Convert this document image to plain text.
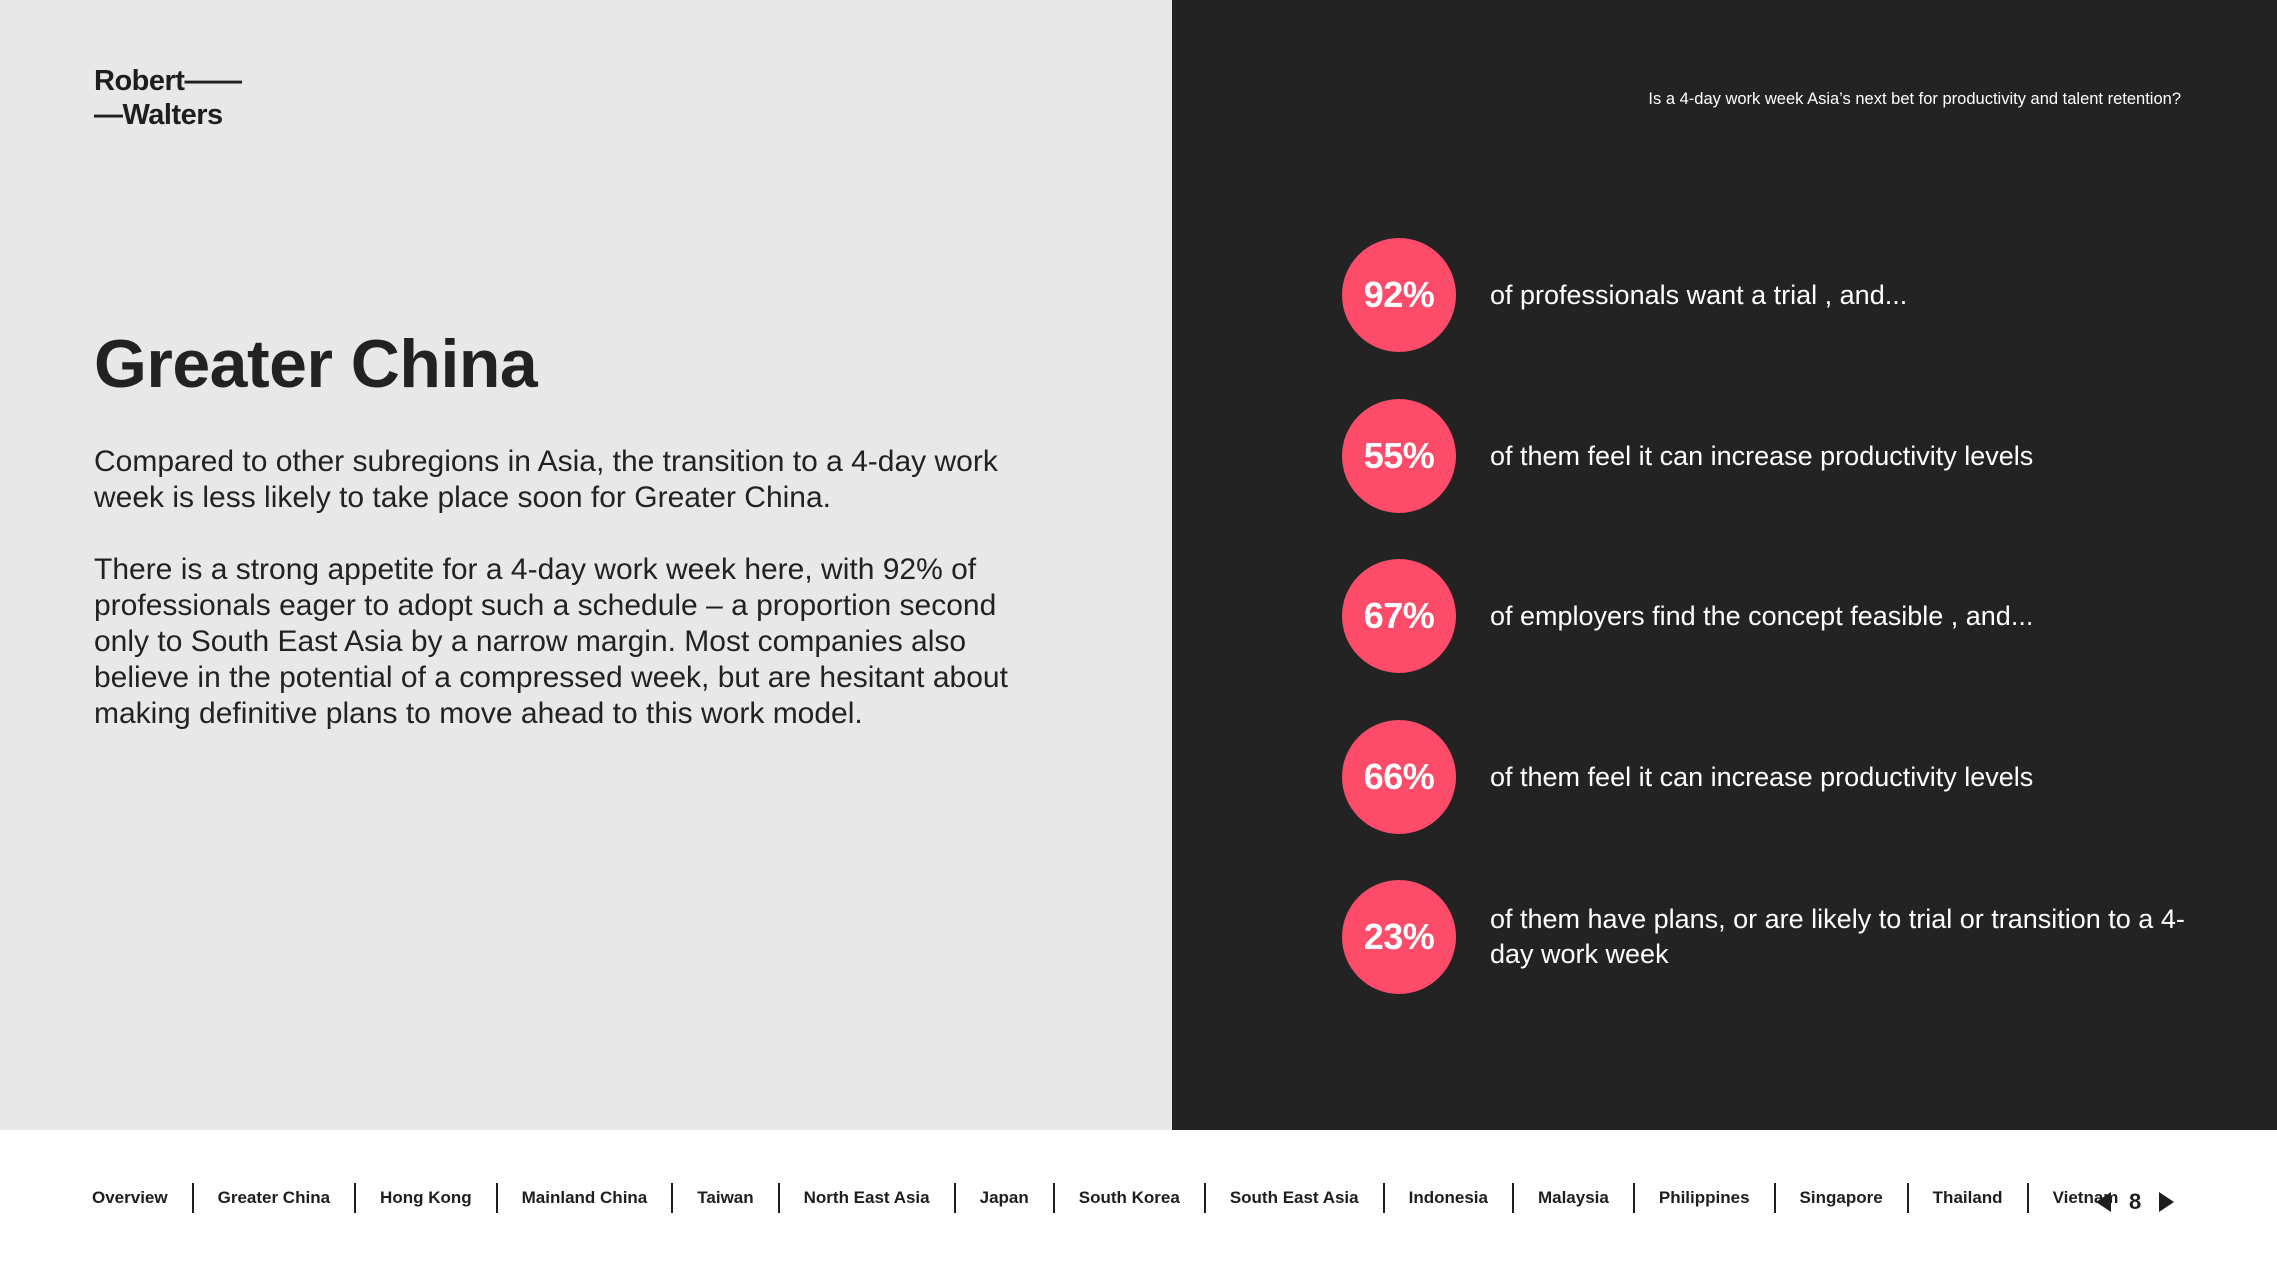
Robert——
—Walters
Greater China

Compared to other subregions in Asia, the transition to a 4-day work week is less likely to take place soon for Greater China.

There is a strong appetite for a 4-day work week here, with 92% of professionals eager to adopt such a schedule – a proportion second only to South East Asia by a narrow margin. Most companies also believe in the potential of a compressed week, but are hesitant about making definitive plans to move ahead to this work model.

Is a 4-day work week Asia’s next bet for productivity and talent retention?
92%	of professionals want a trial , and...
55%	of them feel it can increase productivity levels
67%	of employers find the concept feasible , and...
66%	of them feel it can increase productivity levels
23%	of them have plans, or are likely to trial or transition to a 4-day work week
Overview	Greater China	Hong Kong	Mainland China	Taiwan	North East Asia	Japan	South Korea	South East Asia	Indonesia	Malaysia	Philippines	Singapore	Thailand	Vietnam 8
